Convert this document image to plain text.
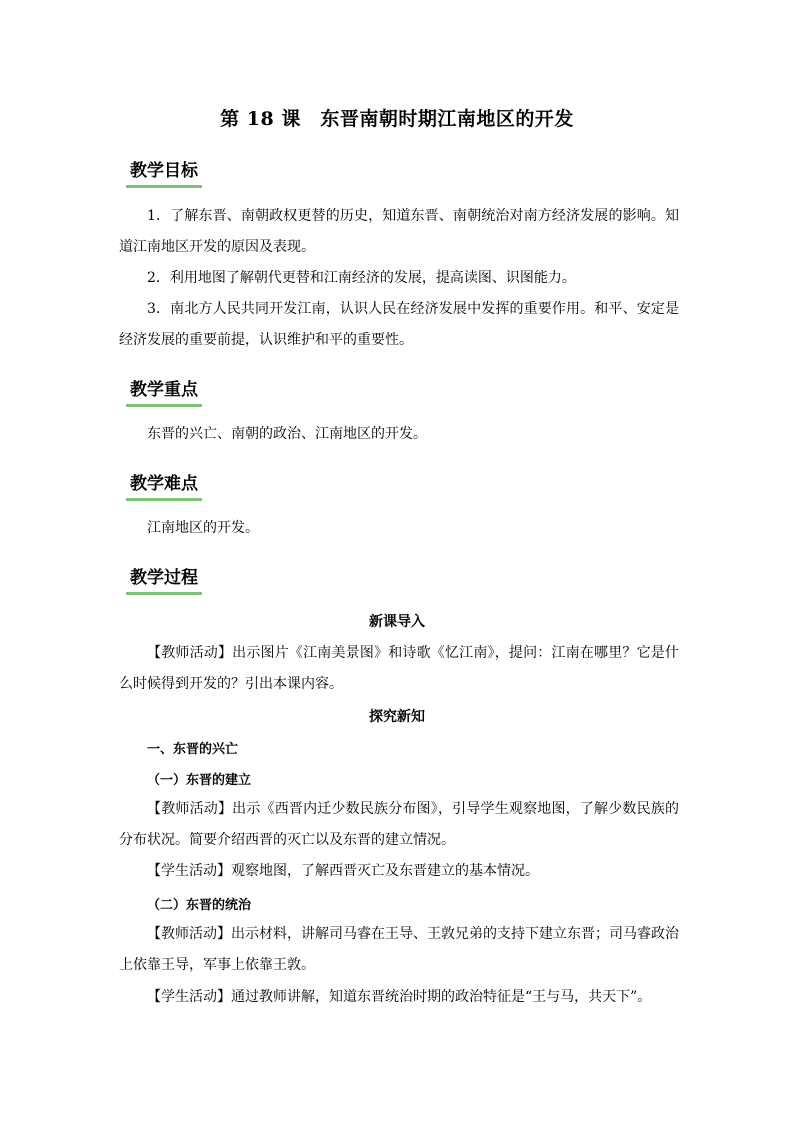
第 18 课　东晋南朝时期江南地区的开发
教学目标
1．了解东晋、南朝政权更替的历史，知道东晋、南朝统治对南方经济发展的影响。知道江南地区开发的原因及表现。
2．利用地图了解朝代更替和江南经济的发展，提高读图、识图能力。
3．南北方人民共同开发江南，认识人民在经济发展中发挥的重要作用。和平、安定是经济发展的重要前提，认识维护和平的重要性。
教学重点
东晋的兴亡、南朝的政治、江南地区的开发。
教学难点
江南地区的开发。
教学过程
新课导入
【教师活动】出示图片《江南美景图》和诗歌《忆江南》，提问：江南在哪里？它是什么时候得到开发的？引出本课内容。
探究新知
一、东晋的兴亡
（一）东晋的建立
【教师活动】出示《西晋内迁少数民族分布图》，引导学生观察地图，了解少数民族的分布状况。简要介绍西晋的灭亡以及东晋的建立情况。
【学生活动】观察地图，了解西晋灭亡及东晋建立的基本情况。
（二）东晋的统治
【教师活动】出示材料，讲解司马睿在王导、王敦兄弟的支持下建立东晋；司马睿政治上依靠王导，军事上依靠王敦。
【学生活动】通过教师讲解，知道东晋统治时期的政治特征是“王与马，共天下”。
